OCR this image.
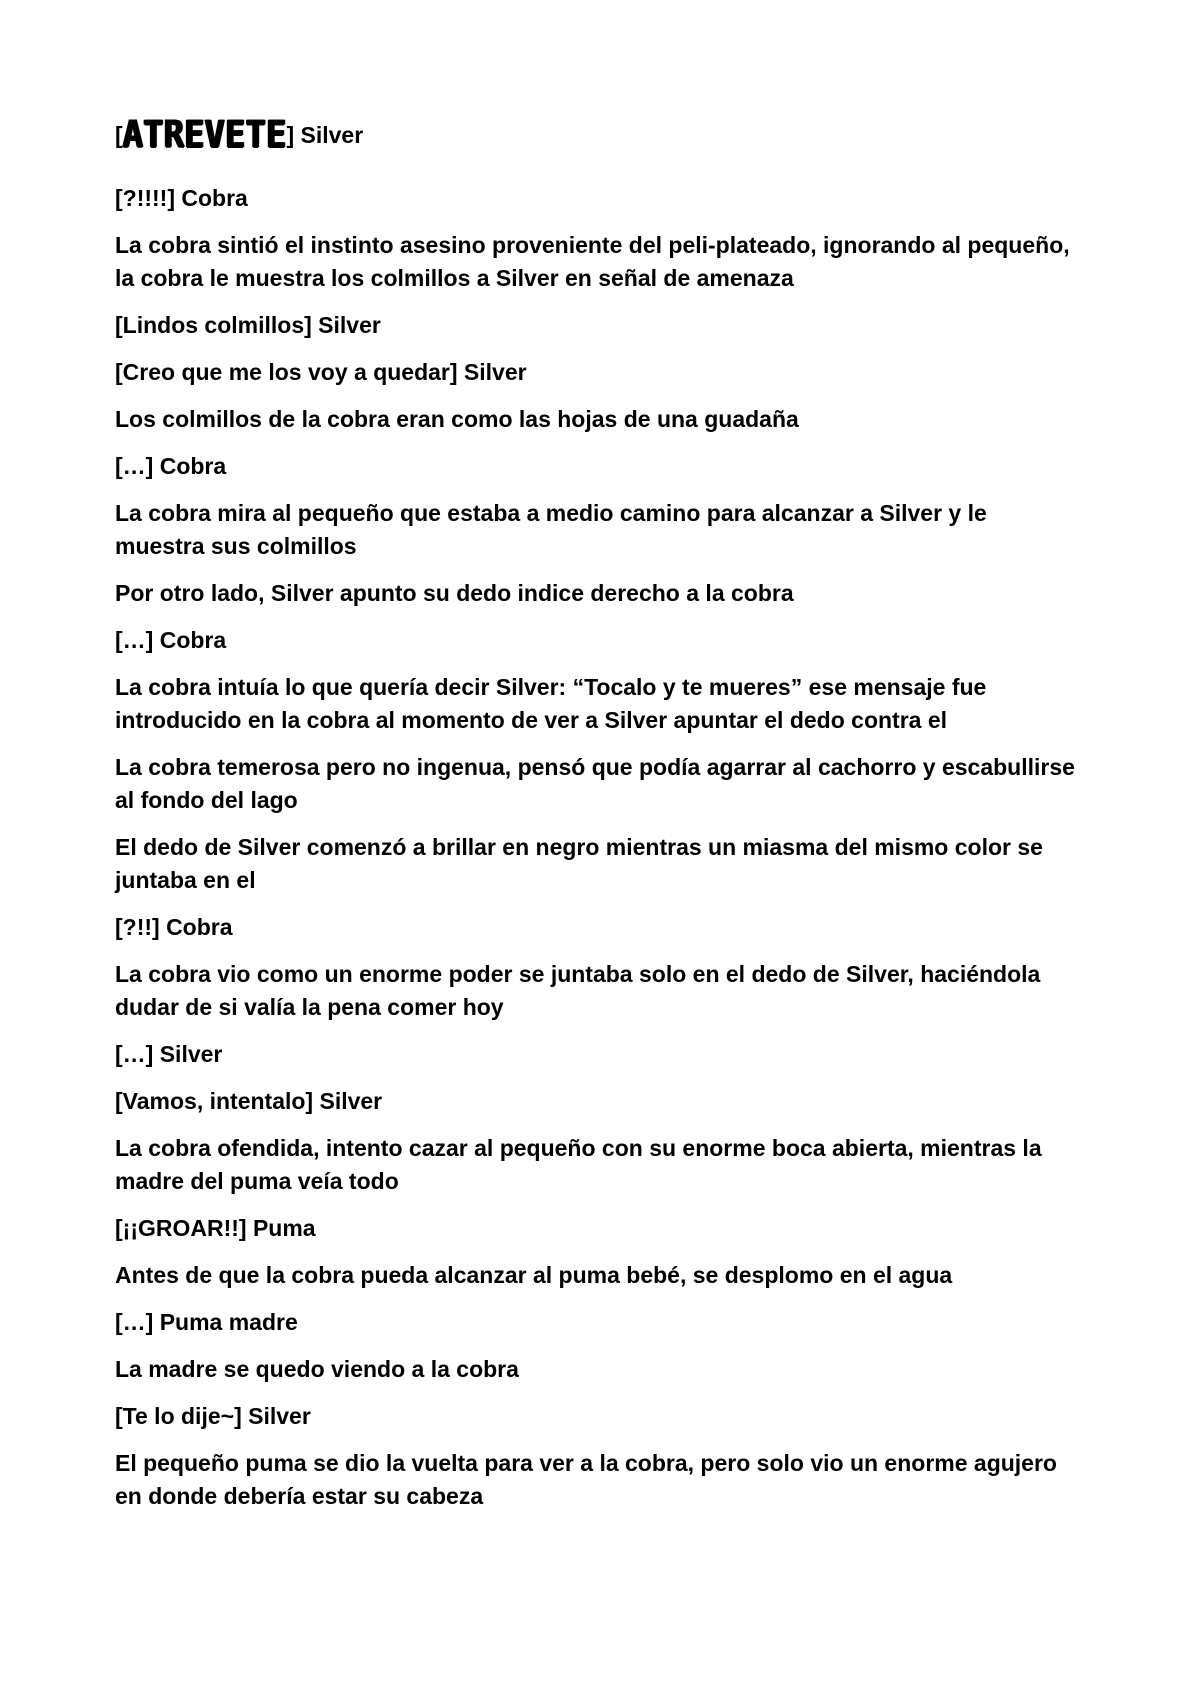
[ ATREVETE ]
Silver

[?!!!!] Cobra

La cobra sintió el instinto asesino proveniente del peli-plateado, ignorando al pequeño, la cobra le muestra los colmillos a Silver en señal de amenaza

[Lindos colmillos] Silver

[Creo que me los voy a quedar] Silver

Los colmillos de la cobra eran como las hojas de una guadaña

[…] Cobra

La cobra mira al pequeño que estaba a medio camino para alcanzar a Silver y le muestra sus colmillos

Por otro lado, Silver apunto su dedo indice derecho a la cobra

[…] Cobra

La cobra intuía lo que quería decir Silver: “Tocalo y te mueres” ese mensaje fue introducido en la cobra al momento de ver a Silver apuntar el dedo contra el

La cobra temerosa pero no ingenua, pensó que podía agarrar al cachorro y escabullirse al fondo del lago

El dedo de Silver comenzó a brillar en negro mientras un miasma del mismo color se juntaba en el

[?!!] Cobra

La cobra vio como un enorme poder se juntaba solo en el dedo de Silver, haciéndola dudar de si valía la pena comer hoy

[…] Silver

[Vamos, intentalo] Silver

La cobra ofendida, intento cazar al pequeño con su enorme boca abierta, mientras la madre del puma veía todo

[¡¡GROAR!!] Puma

Antes de que la cobra pueda alcanzar al puma bebé, se desplomo en el agua

[…] Puma madre

La madre se quedo viendo a la cobra

[Te lo dije~] Silver

El pequeño puma se dio la vuelta para ver a la cobra, pero solo vio un enorme agujero en donde debería estar su cabeza
